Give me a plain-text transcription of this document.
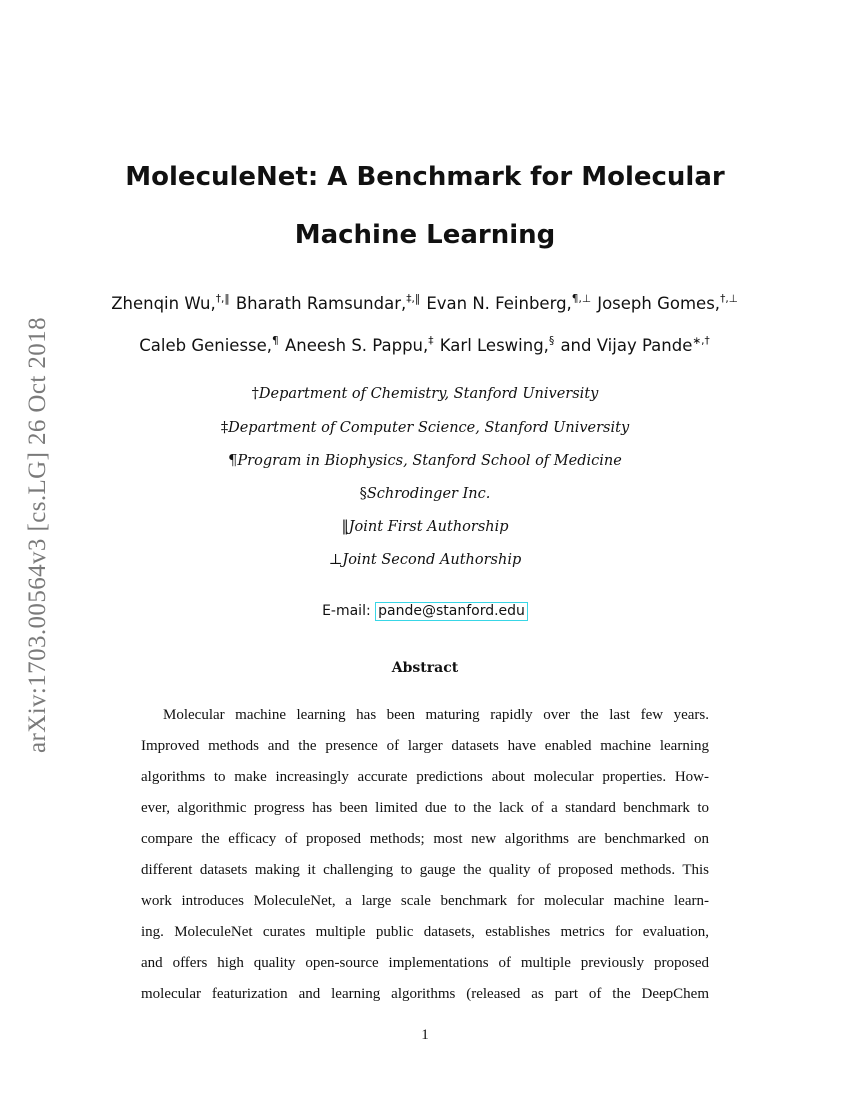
arXiv:1703.00564v3 [cs.LG] 26 Oct 2018
MoleculeNet: A Benchmark for Molecular
Machine Learning
Zhenqin Wu,†,‖ Bharath Ramsundar,‡,‖ Evan N. Feinberg,¶,⊥ Joseph Gomes,†,⊥
Caleb Geniesse,¶ Aneesh S. Pappu,‡ Karl Leswing,§ and Vijay Pande∗,†
†Department of Chemistry, Stanford University
‡Department of Computer Science, Stanford University
¶Program in Biophysics, Stanford School of Medicine
§Schrodinger Inc.
‖Joint First Authorship
⊥Joint Second Authorship
E-mail: pande@stanford.edu
Abstract
Molecular machine learning has been maturing rapidly over the last few years.
Improved methods and the presence of larger datasets have enabled machine learning
algorithms to make increasingly accurate predictions about molecular properties. How-
ever, algorithmic progress has been limited due to the lack of a standard benchmark to
compare the efficacy of proposed methods; most new algorithms are benchmarked on
different datasets making it challenging to gauge the quality of proposed methods. This
work introduces MoleculeNet, a large scale benchmark for molecular machine learn-
ing. MoleculeNet curates multiple public datasets, establishes metrics for evaluation,
and offers high quality open-source implementations of multiple previously proposed
molecular featurization and learning algorithms (released as part of the DeepChem
1
